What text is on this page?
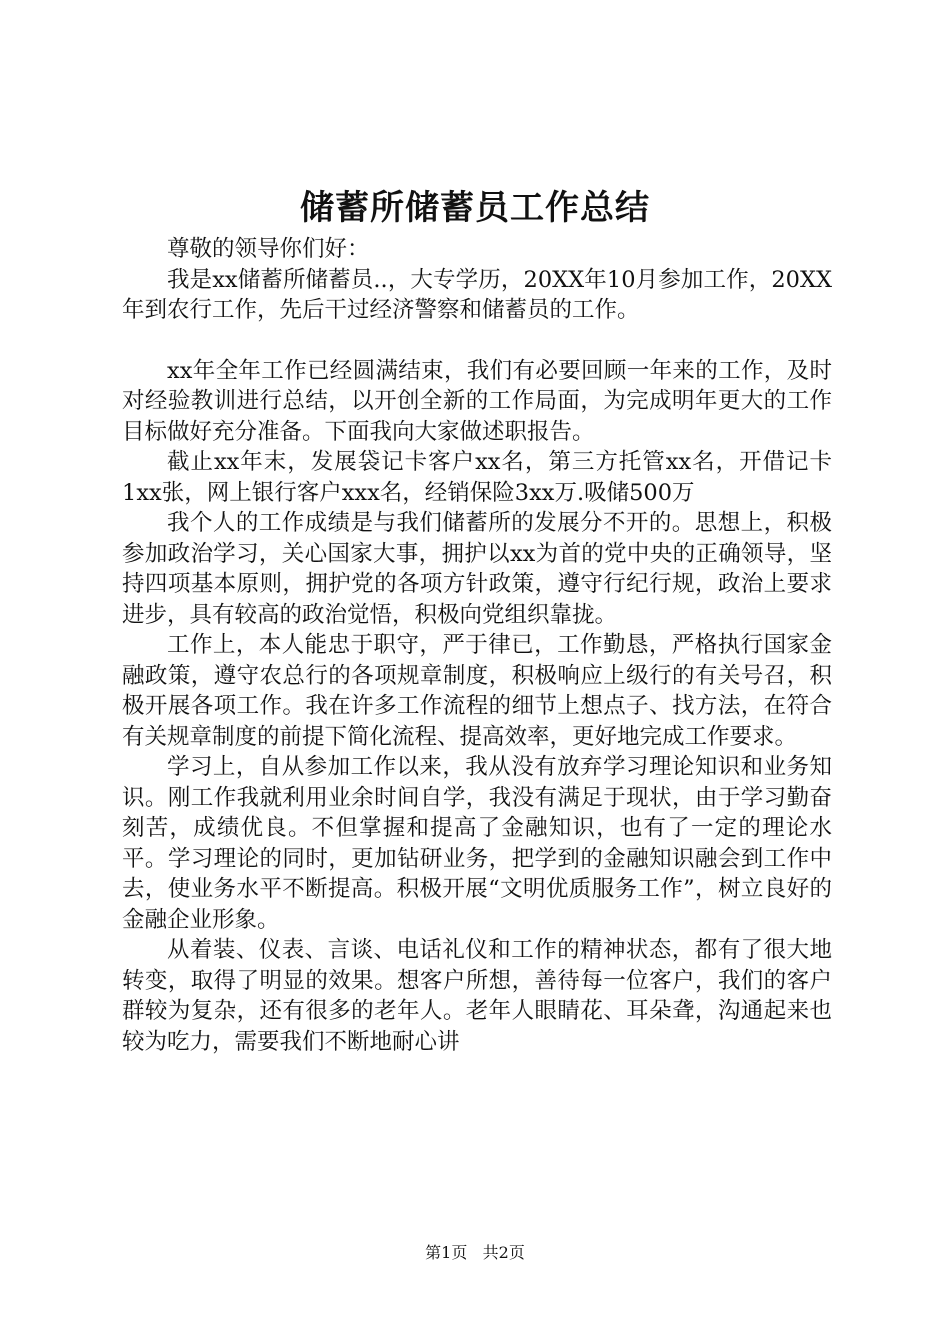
储蓄所储蓄员工作总结

尊敬的领导你们好：

我是xx储蓄所储蓄员..，大专学历，20XX年10月参加工作，20XX年到农行工作，先后干过经济警察和储蓄员的工作。

xx年全年工作已经圆满结束，我们有必要回顾一年来的工作，及时对经验教训进行总结，以开创全新的工作局面，为完成明年更大的工作目标做好充分准备。下面我向大家做述职报告。

截止xx年末，发展袋记卡客户xx名，第三方托管xx名，开借记卡1xx张，网上银行客户xxx名，经销保险3xx万.吸储500万

我个人的工作成绩是与我们储蓄所的发展分不开的。思想上，积极参加政治学习，关心国家大事，拥护以xx为首的党中央的正确领导，坚持四项基本原则，拥护党的各项方针政策，遵守行纪行规，政治上要求进步，具有较高的政治觉悟，积极向党组织靠拢。

工作上，本人能忠于职守，严于律已，工作勤恳，严格执行国家金融政策，遵守农总行的各项规章制度，积极响应上级行的有关号召，积极开展各项工作。我在许多工作流程的细节上想点子、找方法，在符合有关规章制度的前提下简化流程、提高效率，更好地完成工作要求。

学习上，自从参加工作以来，我从没有放弃学习理论知识和业务知识。刚工作我就利用业余时间自学，我没有满足于现状，由于学习勤奋刻苦，成绩优良。不但掌握和提高了金融知识，也有了一定的理论水平。学习理论的同时，更加钻研业务，把学到的金融知识融会到工作中去，使业务水平不断提高。积极开展“文明优质服务工作”，树立良好的金融企业形象。

从着装、仪表、言谈、电话礼仪和工作的精神状态，都有了很大地转变，取得了明显的效果。想客户所想，善待每一位客户，我们的客户群较为复杂，还有很多的老年人。老年人眼睛花、耳朵聋，沟通起来也较为吃力，需要我们不断地耐心讲

第1页 共2页
